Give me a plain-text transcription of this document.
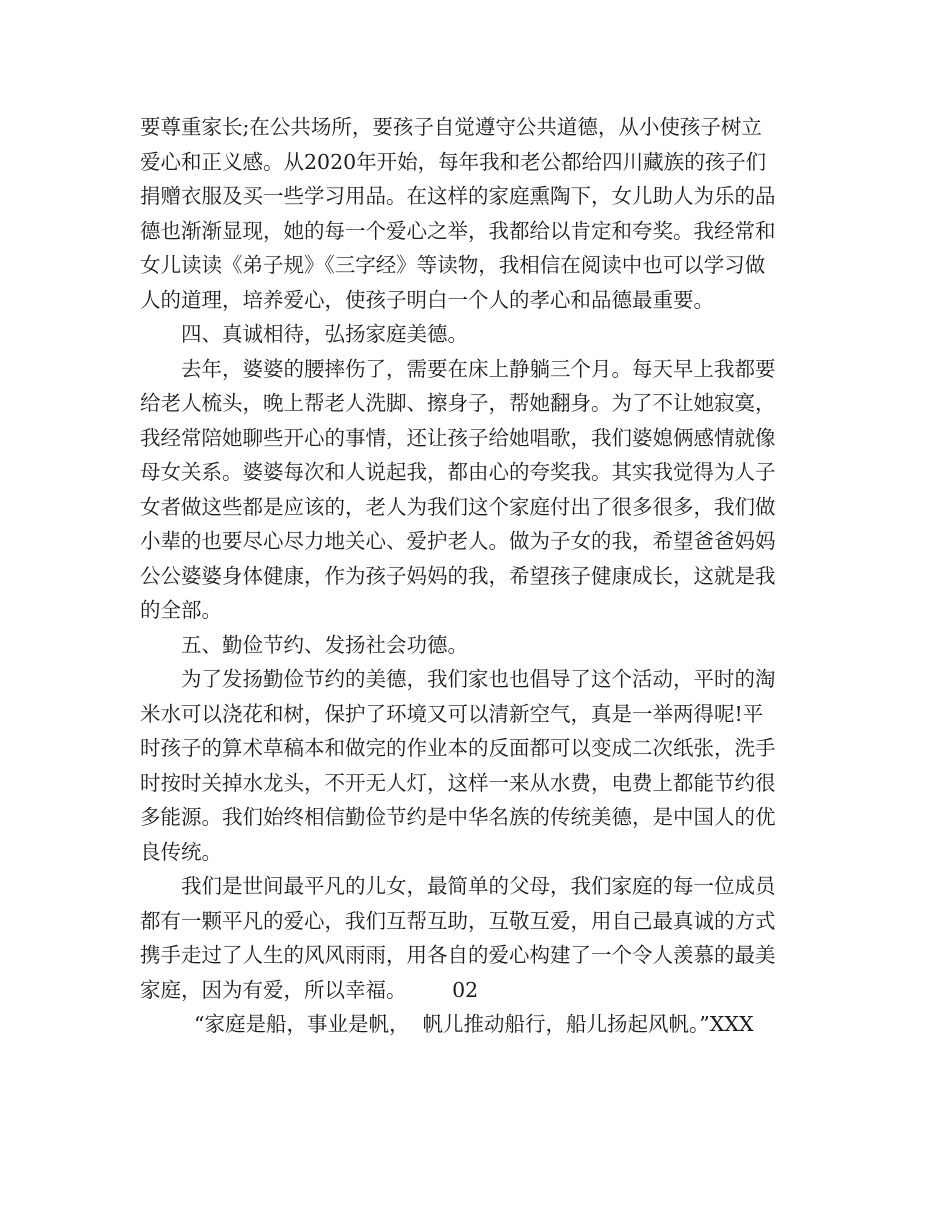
要尊重家长;在公共场所，要孩子自觉遵守公共道德，从小使孩子树立
爱心和正义感。从2020年开始，每年我和老公都给四川藏族的孩子们
捐赠衣服及买一些学习用品。在这样的家庭熏陶下，女儿助人为乐的品
德也渐渐显现，她的每一个爱心之举，我都给以肯定和夸奖。我经常和
女儿读读《弟子规》《三字经》等读物，我相信在阅读中也可以学习做
人的道理，培养爱心，使孩子明白一个人的孝心和品德最重要。
四、真诚相待，弘扬家庭美德。
去年，婆婆的腰摔伤了，需要在床上静躺三个月。每天早上我都要
给老人梳头，晚上帮老人洗脚、擦身子，帮她翻身。为了不让她寂寞，
我经常陪她聊些开心的事情，还让孩子给她唱歌，我们婆媳俩感情就像
母女关系。婆婆每次和人说起我，都由心的夸奖我。其实我觉得为人子
女者做这些都是应该的，老人为我们这个家庭付出了很多很多，我们做
小辈的也要尽心尽力地关心、爱护老人。做为子女的我，希望爸爸妈妈
公公婆婆身体健康，作为孩子妈妈的我，希望孩子健康成长，这就是我
的全部。
五、勤俭节约、发扬社会功德。
为了发扬勤俭节约的美德，我们家也也倡导了这个活动，平时的淘
米水可以浇花和树，保护了环境又可以清新空气，真是一举两得呢!平
时孩子的算术草稿本和做完的作业本的反面都可以变成二次纸张，洗手
时按时关掉水龙头，不开无人灯，这样一来从水费，电费上都能节约很
多能源。我们始终相信勤俭节约是中华名族的传统美德，是中国人的优
良传统。
我们是世间最平凡的儿女，最简单的父母，我们家庭的每一位成员
都有一颗平凡的爱心，我们互帮互助，互敬互爱，用自己最真诚的方式
携手走过了人生的风风雨雨，用各自的爱心构建了一个令人羡慕的最美
家庭，因为有爱，所以幸福。       02
“家庭是船，事业是帆，  帆儿推动船行，船儿扬起风帆。”XXX
